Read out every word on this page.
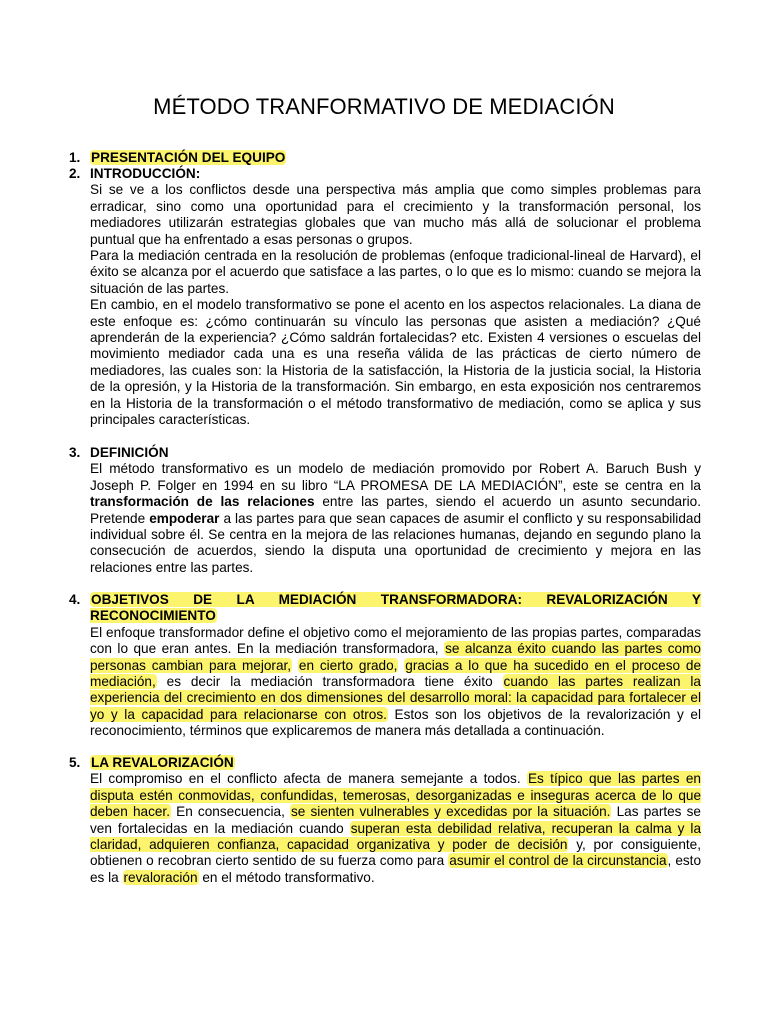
MÉTODO TRANFORMATIVO DE MEDIACIÓN
1. PRESENTACIÓN DEL EQUIPO
2. INTRODUCCIÓN:

Si se ve a los conflictos desde una perspectiva más amplia que como simples problemas para erradicar, sino como una oportunidad para el crecimiento y la transformación personal, los mediadores utilizarán estrategias globales que van mucho más allá de solucionar el problema puntual que ha enfrentado a esas personas o grupos.

Para la mediación centrada en la resolución de problemas (enfoque tradicional-lineal de Harvard), el éxito se alcanza por el acuerdo que satisface a las partes, o lo que es lo mismo: cuando se mejora la situación de las partes.

En cambio, en el modelo transformativo se pone el acento en los aspectos relacionales. La diana de este enfoque es: ¿cómo continuarán su vínculo las personas que asisten a mediación? ¿Qué aprenderán de la experiencia? ¿Cómo saldrán fortalecidas? etc. Existen 4 versiones o escuelas del movimiento mediador cada una es una reseña válida de las prácticas de cierto número de mediadores, las cuales son: la Historia de la satisfacción, la Historia de la justicia social, la Historia de la opresión, y la Historia de la transformación. Sin embargo, en esta exposición nos centraremos en la Historia de la transformación o el método transformativo de mediación, como se aplica y sus principales características.

3. DEFINICIÓN
El método transformativo es un modelo de mediación promovido por Robert A. Baruch Bush y Joseph P. Folger en 1994 en su libro “LA PROMESA DE LA MEDIACIÓN”, este se centra en la transformación de las relaciones entre las partes, siendo el acuerdo un asunto secundario. Pretende empoderar a las partes para que sean capaces de asumir el conflicto y su responsabilidad individual sobre él. Se centra en la mejora de las relaciones humanas, dejando en segundo plano la consecución de acuerdos, siendo la disputa una oportunidad de crecimiento y mejora en las relaciones entre las partes.
4. OBJETIVOS DE LA MEDIACIÓN TRANSFORMADORA: REVALORIZACIÓN Y RECONOCIMIENTO
El enfoque transformador define el objetivo como el mejoramiento de las propias partes, comparadas con lo que eran antes. En la mediación transformadora, se alcanza éxito cuando las partes como personas cambian para mejorar, en cierto grado, gracias a lo que ha sucedido en el proceso de mediación, es decir la mediación transformadora tiene éxito cuando las partes realizan la experiencia del crecimiento en dos dimensiones del desarrollo moral: la capacidad para fortalecer el yo y la capacidad para relacionarse con otros. Estos son los objetivos de la revalorización y el reconocimiento, términos que explicaremos de manera más detallada a continuación.
5. LA REVALORIZACIÓN
El compromiso en el conflicto afecta de manera semejante a todos. Es típico que las partes en disputa estén conmovidas, confundidas, temerosas, desorganizadas e inseguras acerca de lo que deben hacer. En consecuencia, se sienten vulnerables y excedidas por la situación. Las partes se ven fortalecidas en la mediación cuando superan esta debilidad relativa, recuperan la calma y la claridad, adquieren confianza, capacidad organizativa y poder de decisión y, por consiguiente, obtienen o recobran cierto sentido de su fuerza como para asumir el control de la circunstancia, esto es la revaloración en el método transformativo.
